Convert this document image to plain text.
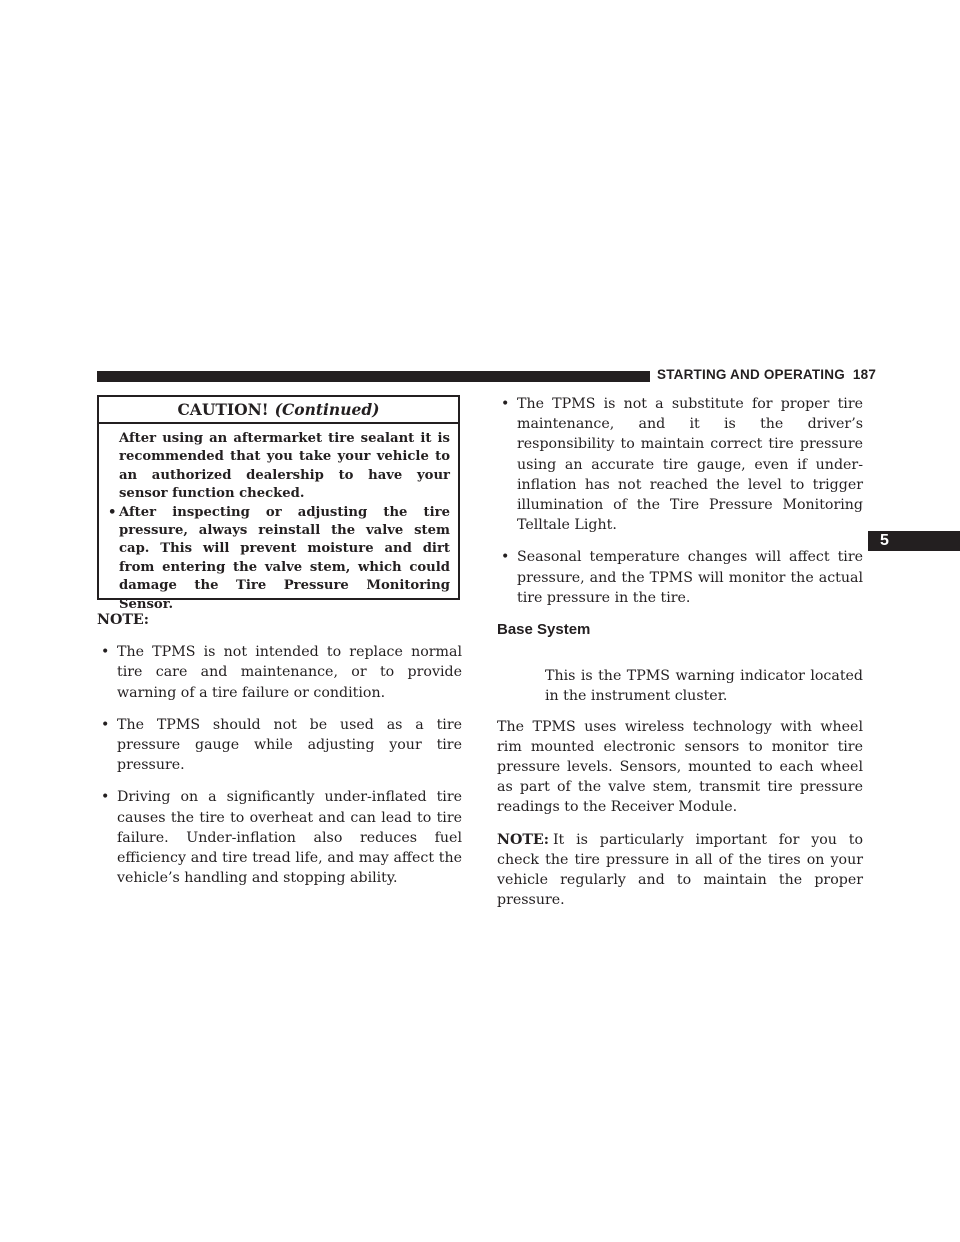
STARTING AND OPERATING 187
5
CAUTION! (Continued)

After using an aftermarket tire sealant it is recommended that you take your vehicle to an authorized dealership to have your sensor function checked.

• After inspecting or adjusting the tire pressure, always reinstall the valve stem cap. This will prevent moisture and dirt from entering the valve stem, which could damage the Tire Pressure Monitoring Sensor.
NOTE:
• The TPMS is not intended to replace normal tire care and maintenance, or to provide warning of a tire failure or condition.
• The TPMS should not be used as a tire pressure gauge while adjusting your tire pressure.
• Driving on a significantly under-inflated tire causes the tire to overheat and can lead to tire failure. Under-inflation also reduces fuel efficiency and tire tread life, and may affect the vehicle’s handling and stopping ability.
• The TPMS is not a substitute for proper tire maintenance, and it is the driver’s responsibility to maintain correct tire pressure using an accurate tire gauge, even if under-inflation has not reached the level to trigger illumination of the Tire Pressure Monitoring Telltale Light.
• Seasonal temperature changes will affect tire pressure, and the TPMS will monitor the actual tire pressure in the tire.
Base System
This is the TPMS warning indicator located in the instrument cluster.

The TPMS uses wireless technology with wheel rim mounted electronic sensors to monitor tire pressure levels. Sensors, mounted to each wheel as part of the valve stem, transmit tire pressure readings to the Receiver Module.

NOTE: It is particularly important for you to check the tire pressure in all of the tires on your vehicle regularly and to maintain the proper pressure.
